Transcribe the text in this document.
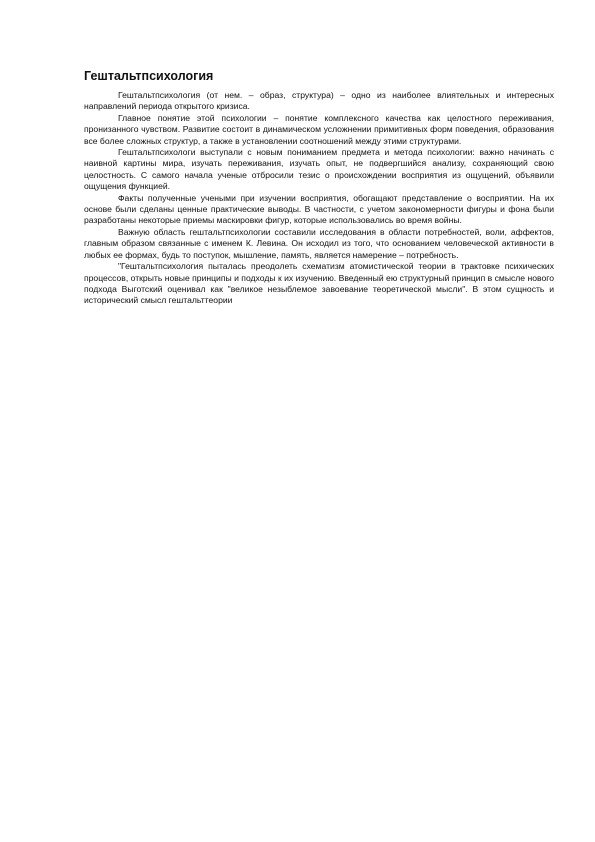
Гештальтпсихология

Гештальтпсихология (от нем. – образ, структура) – одно из наиболее влиятельных и интересных направлений периода открытого кризиса.

Главное понятие этой психологии – понятие комплексного качества как целостного переживания, пронизанного чувством. Развитие состоит в динамическом усложнении примитивных форм поведения, образования все более сложных структур, а также в установлении соотношений между этими структурами.

Гештальтпсихологи выступали с новым пониманием предмета и метода психологии: важно начинать с наивной картины мира, изучать переживания, изучать опыт, не подвергшийся анализу, сохраняющий свою целостность. С самого начала ученые отбросили тезис о происхождении восприятия из ощущений, объявили ощущения функцией.

Факты полученные учеными при изучении восприятия, обогащают представление о восприятии. На их основе были сделаны ценные практические выводы. В частности, с учетом закономерности фигуры и фона были разработаны некоторые приемы маскировки фигур, которые использовались во время войны.

Важную область гештальтпсихологии составили исследования в области потребностей, воли, аффектов, главным образом связанные с именем К. Левина. Он исходил из того, что основанием человеческой активности в любых ее формах, будь то поступок, мышление, память, является намерение – потребность.

"Гештальтпсихология пыталась преодолеть схематизм атомистической теории в трактовке психических процессов, открыть новые принципы и подходы к их изучению. Введенный ею структурный принцип в смысле нового подхода Выготский оценивал как "великое незыблемое завоевание теоретической мысли". В этом сущность и исторический смысл гештальттеории
